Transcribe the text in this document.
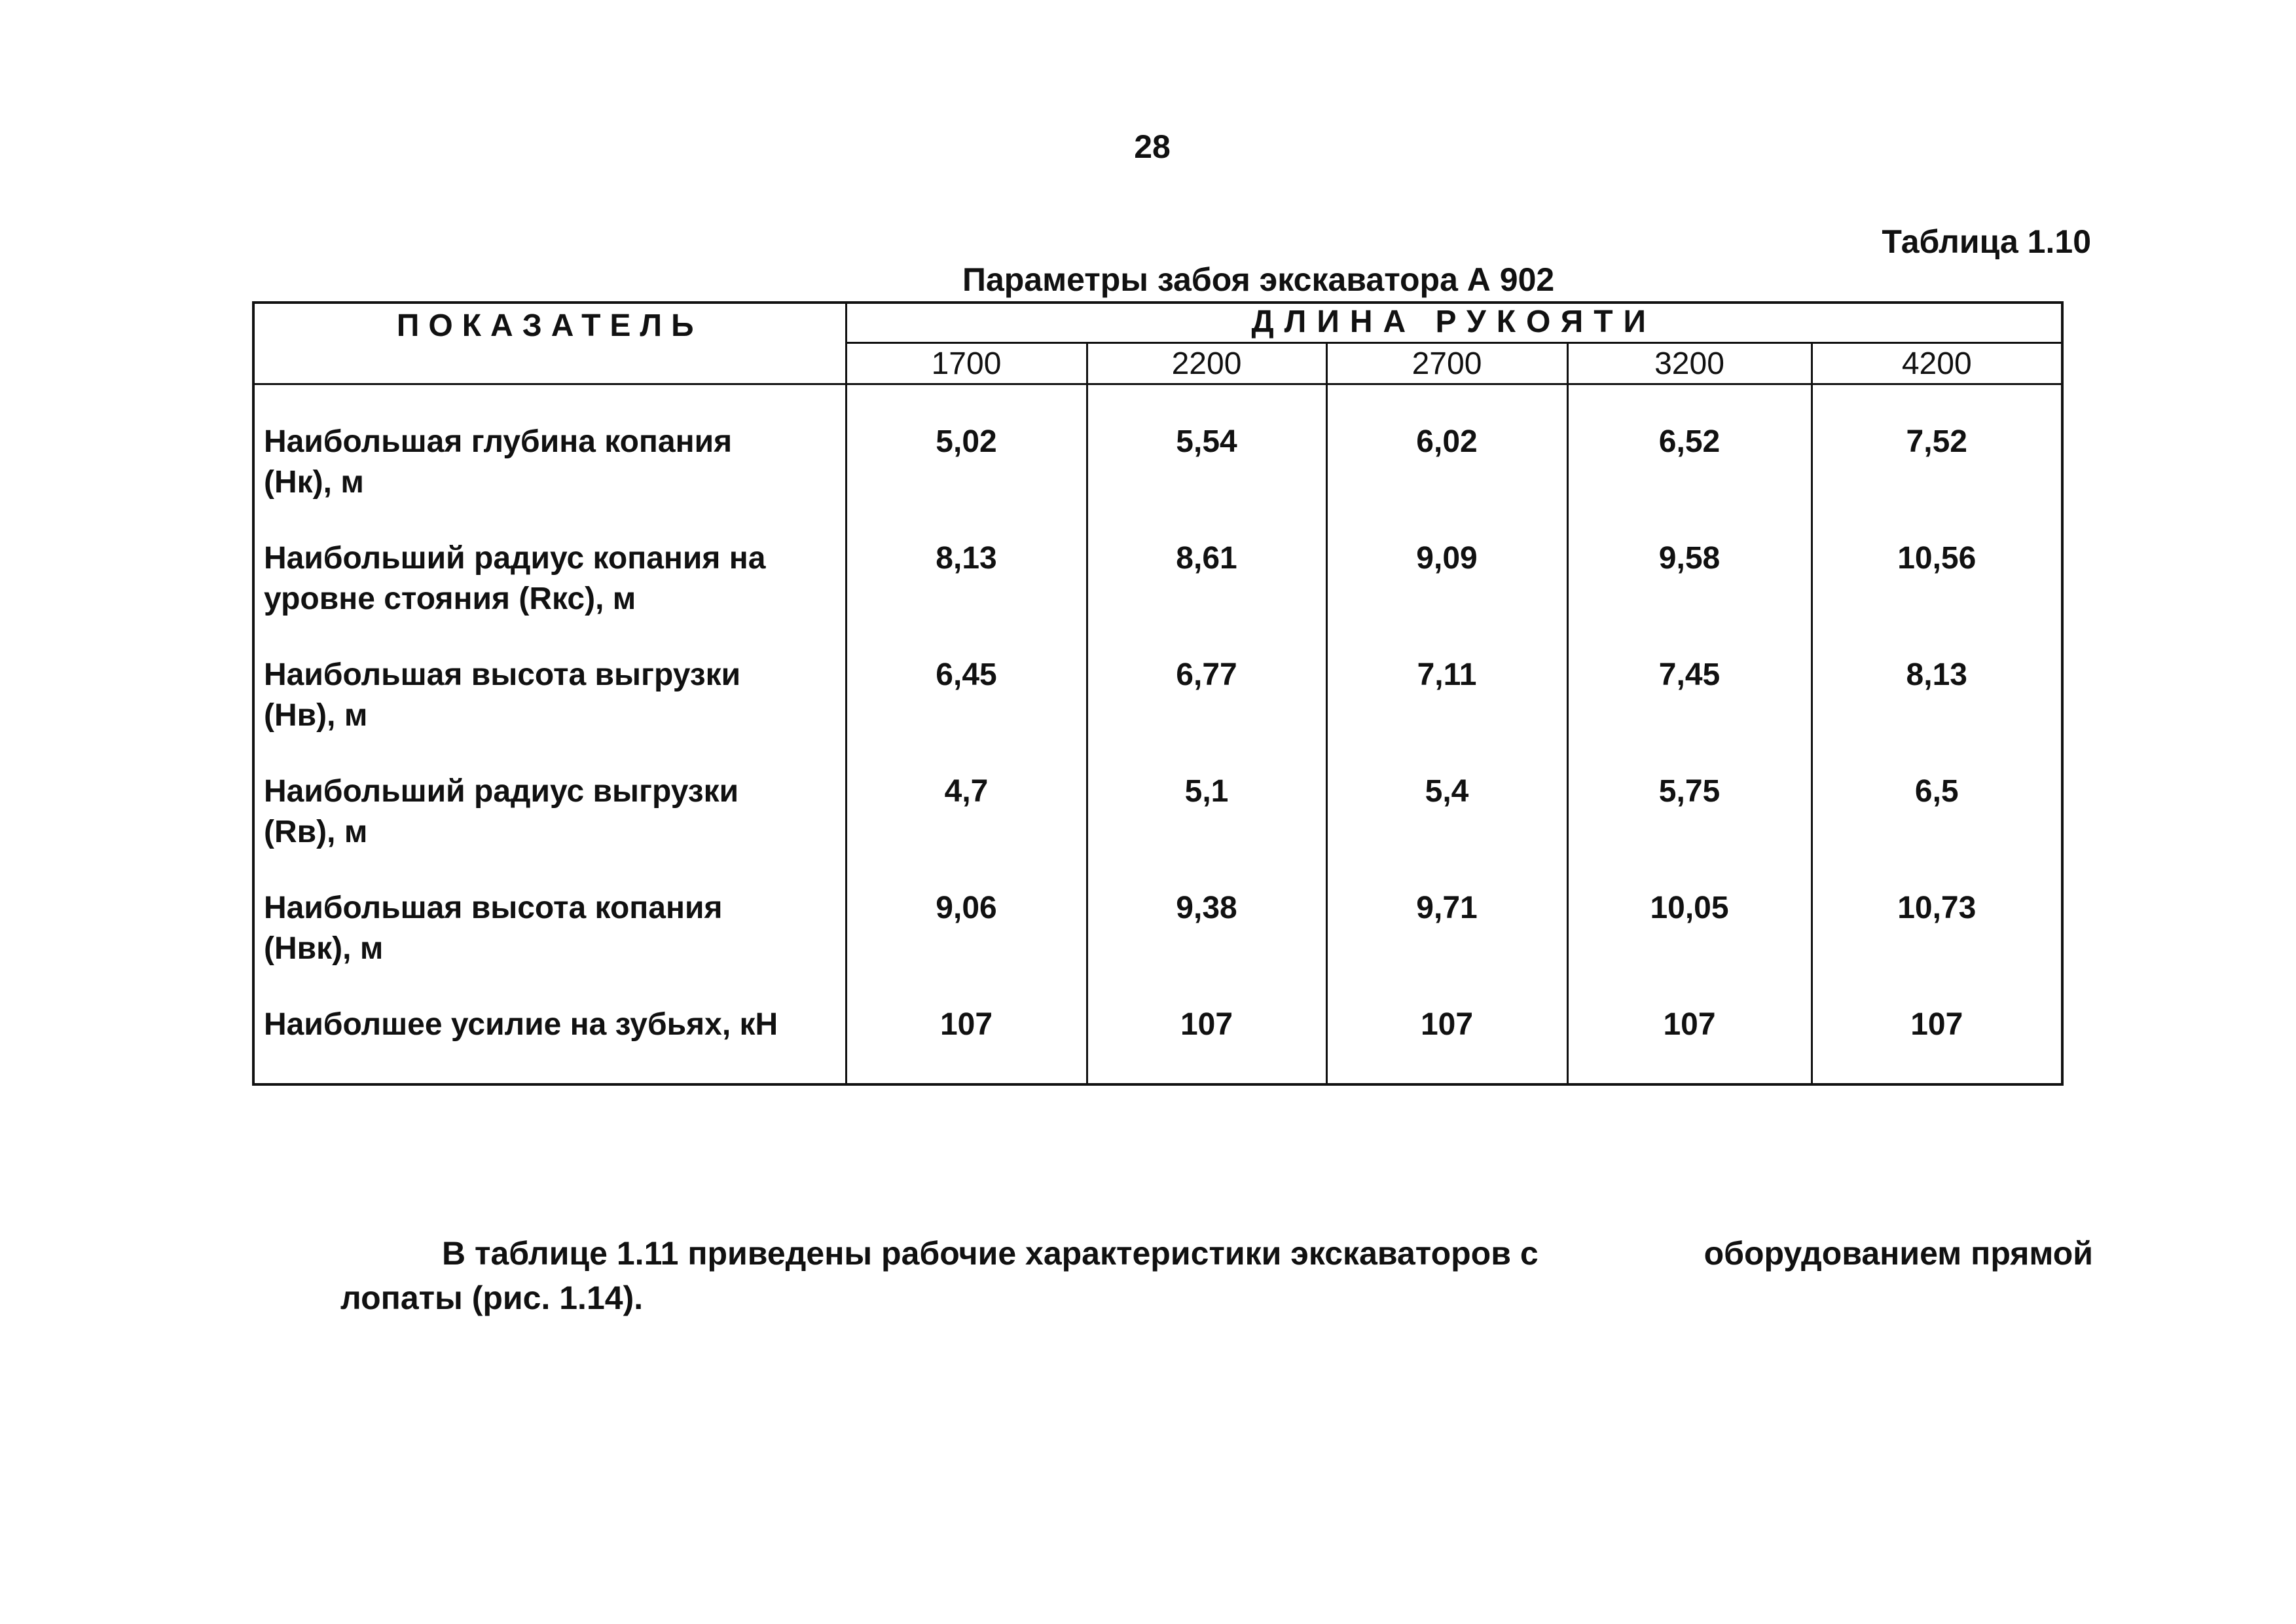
28
Таблица 1.10
Параметры забоя экскаватора А 902
ПОКАЗАТЕЛЬ	ДЛИНА РУКОЯТИ				
	1700	2200	2700	3200	4200

Наибольшая глубина копания
(Нк), м	5,02	5,54	6,02	6,52	7,52

Наибольший радиус копания на
уровне стояния (Rкс), м	8,13	8,61	9,09	9,58	10,56

Наибольшая высота выгрузки
(Нв), м	6,45	6,77	7,11	7,45	8,13

Наибольший радиус выгрузки
(Rв), м	4,7	5,1	5,4	5,75	6,5

Наибольшая высота копания
(Нвк), м	9,06	9,38	9,71	10,05	10,73

Наиболшее усилие на зубьях, кН	107	107	107	107	107
В таблице 1.11 приведены рабочие характеристики экскаваторов с	оборудованием прямой
лопаты (рис. 1.14).
